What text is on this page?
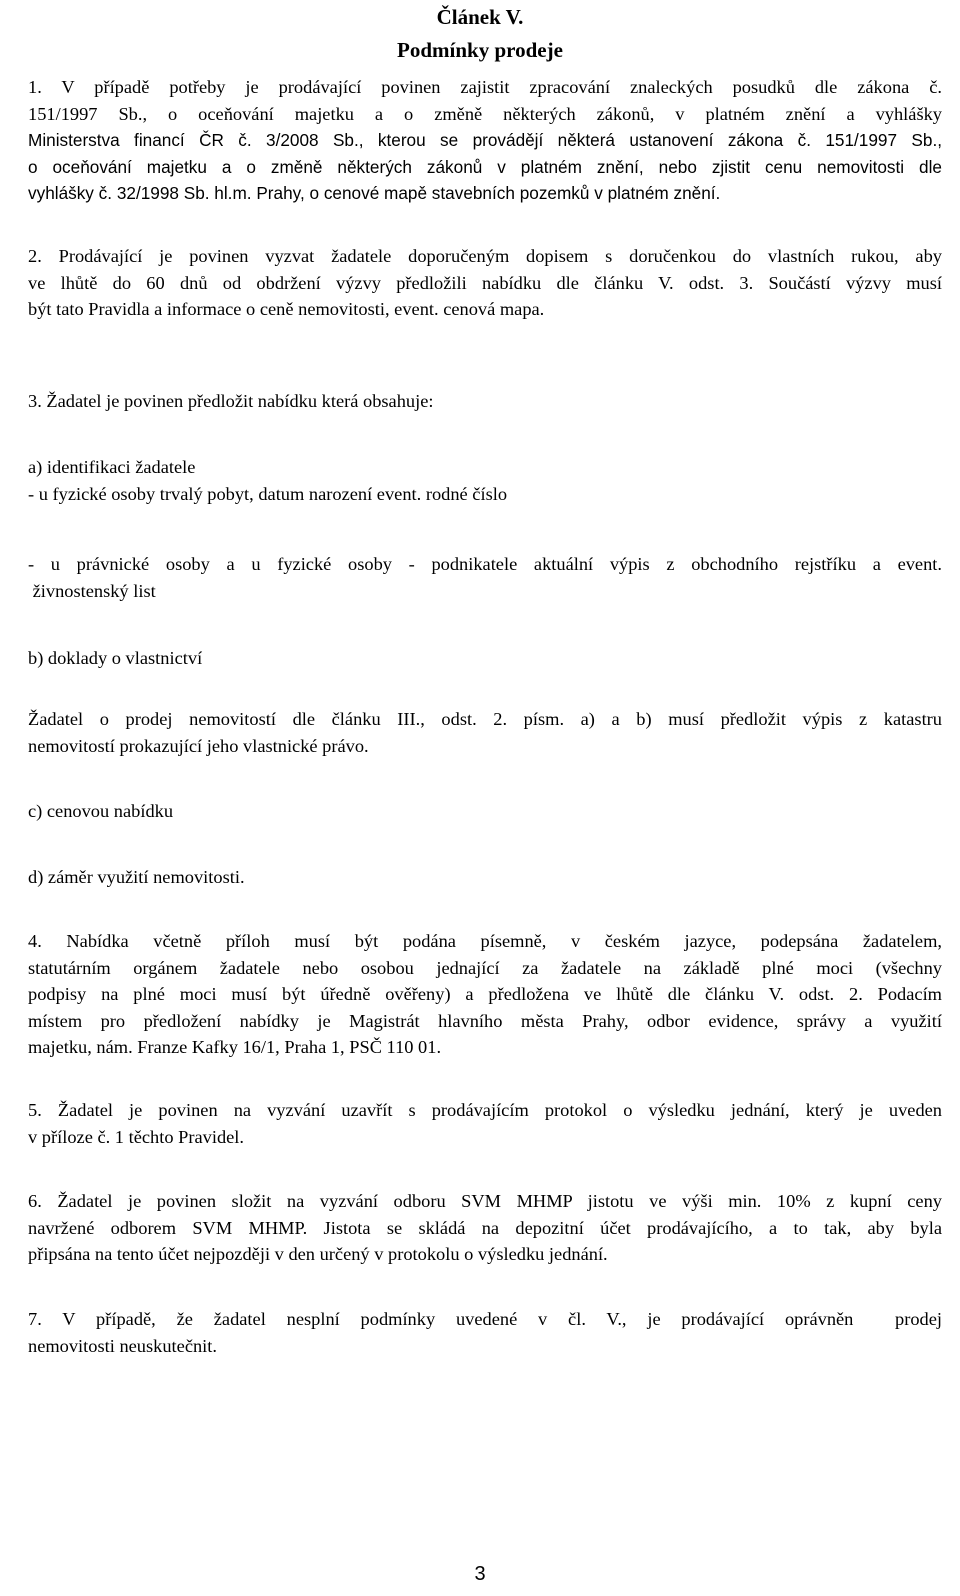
Článek V.
Podmínky prodeje
1. V případě potřeby je prodávající povinen zajistit zpracování znaleckých posudků dle zákona č.
151/1997 Sb., o oceňování majetku a o změně některých zákonů, v platném znění a vyhlášky
Ministerstva financí ČR č. 3/2008 Sb., kterou se provádějí některá ustanovení zákona č. 151/1997 Sb.,
o oceňování majetku a o změně některých zákonů v platném znění, nebo zjistit cenu nemovitosti dle
vyhlášky č. 32/1998 Sb. hl.m. Prahy, o cenové mapě stavebních pozemků v platném znění.
2. Prodávající je povinen vyzvat žadatele doporučeným dopisem s doručenkou do vlastních rukou, aby
ve lhůtě do 60 dnů od obdržení výzvy předložili nabídku dle článku V. odst. 3. Součástí výzvy musí
být tato Pravidla a informace o ceně nemovitosti, event. cenová mapa.
3. Žadatel je povinen předložit nabídku která obsahuje:
a) identifikaci žadatele
- u fyzické osoby trvalý pobyt, datum narození event. rodné číslo
- u právnické osoby a u fyzické osoby - podnikatele aktuální výpis z obchodního rejstříku a event.
živnostenský list
b) doklady o vlastnictví
Žadatel o prodej nemovitostí dle článku III., odst. 2. písm. a) a b) musí předložit výpis z katastru
nemovitostí prokazující jeho vlastnické právo.
c) cenovou nabídku
d) záměr využití nemovitosti.
4. Nabídka včetně příloh musí být podána písemně, v českém jazyce, podepsána žadatelem,
statutárním orgánem žadatele nebo osobou jednající za žadatele na základě plné moci (všechny
podpisy na plné moci musí být úředně ověřeny) a předložena ve lhůtě dle článku V. odst. 2. Podacím
místem pro předložení nabídky je Magistrát hlavního města Prahy, odbor evidence, správy a využití
majetku, nám. Franze Kafky 16/1, Praha 1, PSČ 110 01.
5. Žadatel je povinen na vyzvání uzavřít s prodávajícím protokol o výsledku jednání, který je uveden
v příloze č. 1 těchto Pravidel.
6. Žadatel je povinen složit na vyzvání odboru SVM MHMP jistotu ve výši min. 10% z kupní ceny
navržené odborem SVM MHMP. Jistota se skládá na depozitní účet prodávajícího, a to tak, aby byla
připsána na tento účet nejpozději v den určený v protokolu o výsledku jednání.
7. V případě, že žadatel nesplní podmínky uvedené v čl. V., je prodávající oprávněn  prodej
nemovitosti neuskutečnit.
3
